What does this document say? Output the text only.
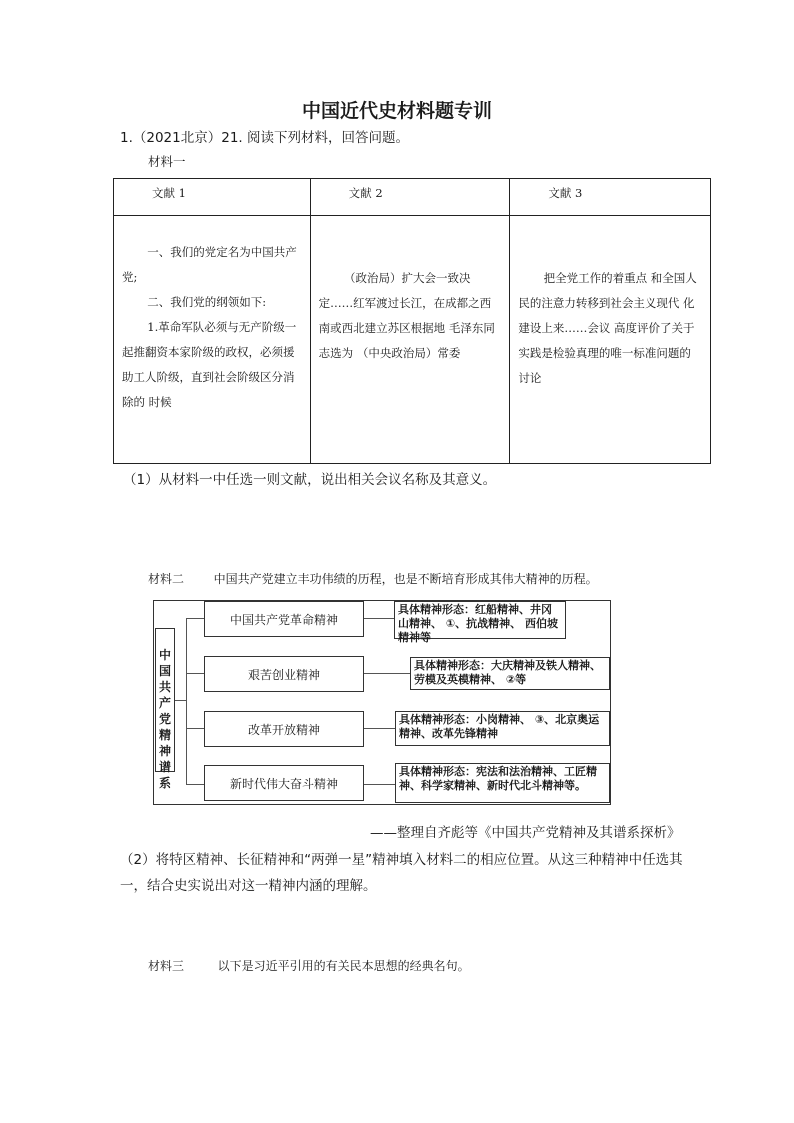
中国近代史材料题专训
1.（2021北京）21. 阅读下列材料，回答问题。
材料一
文献 1	文献 2	文献 3

一、我们的党定名为中国共产党;
二、我们党的纲领如下:
1.革命军队必须与无产阶级一起推翻资本家阶级的政权，必须援助工人阶级，直到社会阶级区分消除的 时候	（政治局）扩大会一致决定……红军渡过长江，在成都之西南或西北建立苏区根据地 毛泽东同志选为 （中央政治局）常委	把全党工作的着重点 和全国人民的注意力转移到社会主义现代 化建设上来……会议 高度评价了关于实践是检验真理的唯一标准问题的讨论
（1）从材料一中任选一则文献，说出相关会议名称及其意义。
材料二 中国共产党建立丰功伟绩的历程，也是不断培育形成其伟大精神的历程。
中国共产党精神谱系
中国共产党革命精神
艰苦创业精神
改革开放精神
新时代伟大奋斗精神
具体精神形态：红船精神、井冈山精神、 ①、抗战精神、 西伯坡精神等
具体精神形态：大庆精神及铁人精神、劳模及英模精神、 ②等
具体精神形态：小岗精神、 ③、北京奥运精神、改革先锋精神
具体精神形态：宪法和法治精神、工匠精神、科学家精神、新时代北斗精神等。
——整理自齐彪等《中国共产党精神及其谱系探析》
（2）将特区精神、长征精神和“两弹一星”精神填入材料二的相应位置。从这三种精神中任选其一，结合史实说出对这一精神内涵的理解。
材料三	以下是习近平引用的有关民本思想的经典名句。
